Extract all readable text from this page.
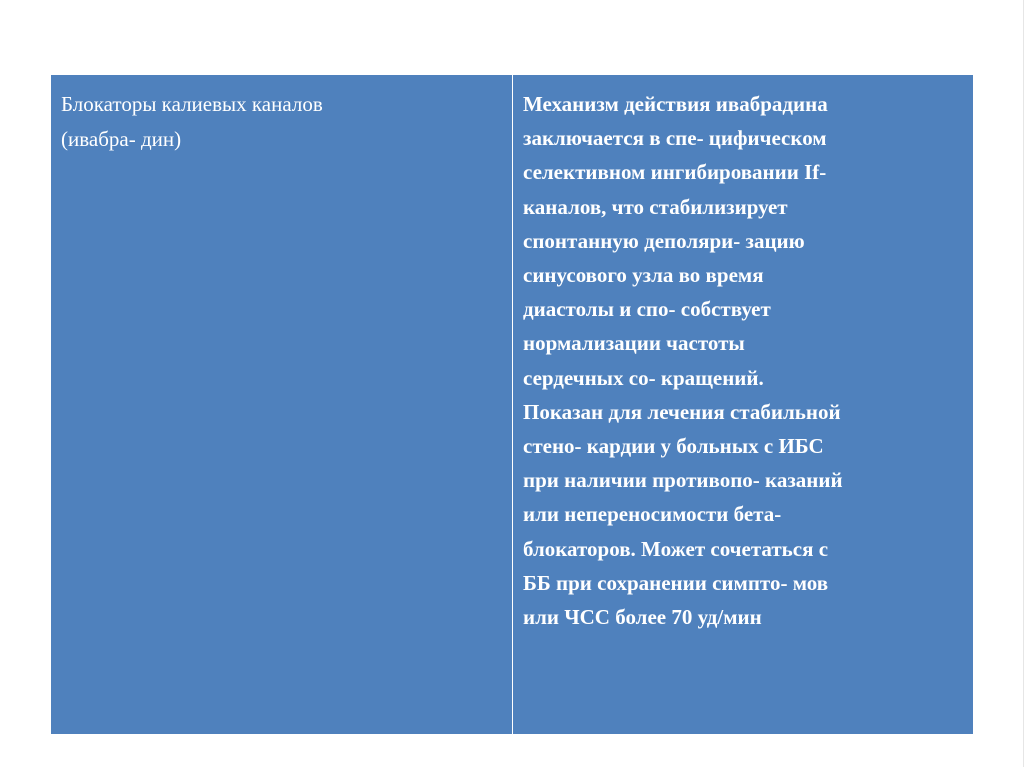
Блокаторы калиевых каналов
(ивабра- дин)
Механизм действия ивабрадина
заключается в спе- цифическом
селективном ингибировании If-
каналов, что стабилизирует
спонтанную деполяри- зацию
синусового узла во время
диастолы и спо- собствует
нормализации частоты
сердечных со- кращений.
Показан для лечения стабильной
стено- кардии у больных с ИБС
при наличии противопо- казаний
или непереносимости бета-
блокаторов. Может сочетаться с
ББ при сохранении симпто- мов
или ЧСС более 70 уд/мин
